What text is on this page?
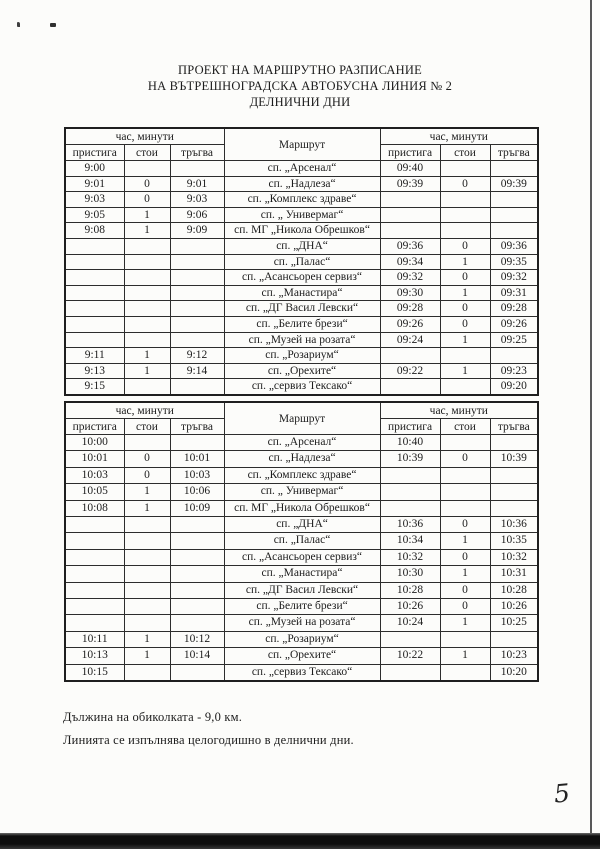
ПРОЕКТ НА МАРШРУТНО РАЗПИСАНИЕ
НА ВЪТРЕШНОГРАДСКА АВТОБУСНА ЛИНИЯ № 2
ДЕЛНИЧНИ ДНИ
час, минути			Маршрут	час, минути		
пристига	стои	тръгва		пристига	стои	тръгва
9:00			сп. „Арсенал“	09:40		
9:01	0	9:01	сп. „Надлеза“	09:39	0	09:39
9:03	0	9:03	сп. „Комплекс здраве“			
9:05	1	9:06	сп. „ Универмаг“			
9:08	1	9:09	сп. МГ „Никола Обрешков“			
			сп. „ДНА“	09:36	0	09:36
			сп. „Палас“	09:34	1	09:35
			сп. „Асансьорен сервиз“	09:32	0	09:32
			сп. „Манастира“	09:30	1	09:31
			сп. „ДГ Васил Левски“	09:28	0	09:28
			сп. „Белите брези“	09:26	0	09:26
			сп. „Музей на розата“	09:24	1	09:25
9:11	1	9:12	сп. „Розариум“			
9:13	1	9:14	сп. „Орехите“	09:22	1	09:23
9:15			сп. „сервиз Тексако“			09:20
час, минути			Маршрут	час, минути		
пристига	стои	тръгва		пристига	стои	тръгва
10:00			сп. „Арсенал“	10:40		
10:01	0	10:01	сп. „Надлеза“	10:39	0	10:39
10:03	0	10:03	сп. „Комплекс здраве“			
10:05	1	10:06	сп. „ Универмаг“			
10:08	1	10:09	сп. МГ „Никола Обрешков“			
			сп. „ДНА“	10:36	0	10:36
			сп. „Палас“	10:34	1	10:35
			сп. „Асансьорен сервиз“	10:32	0	10:32
			сп. „Манастира“	10:30	1	10:31
			сп. „ДГ Васил Левски“	10:28	0	10:28
			сп. „Белите брези“	10:26	0	10:26
			сп. „Музей на розата“	10:24	1	10:25
10:11	1	10:12	сп. „Розариум“			
10:13	1	10:14	сп. „Орехите“	10:22	1	10:23
10:15			сп. „сервиз Тексако“			10:20
Дължина на обиколката - 9,0 км.
Линията се изпълнява целогодишно в делнични дни.
5
